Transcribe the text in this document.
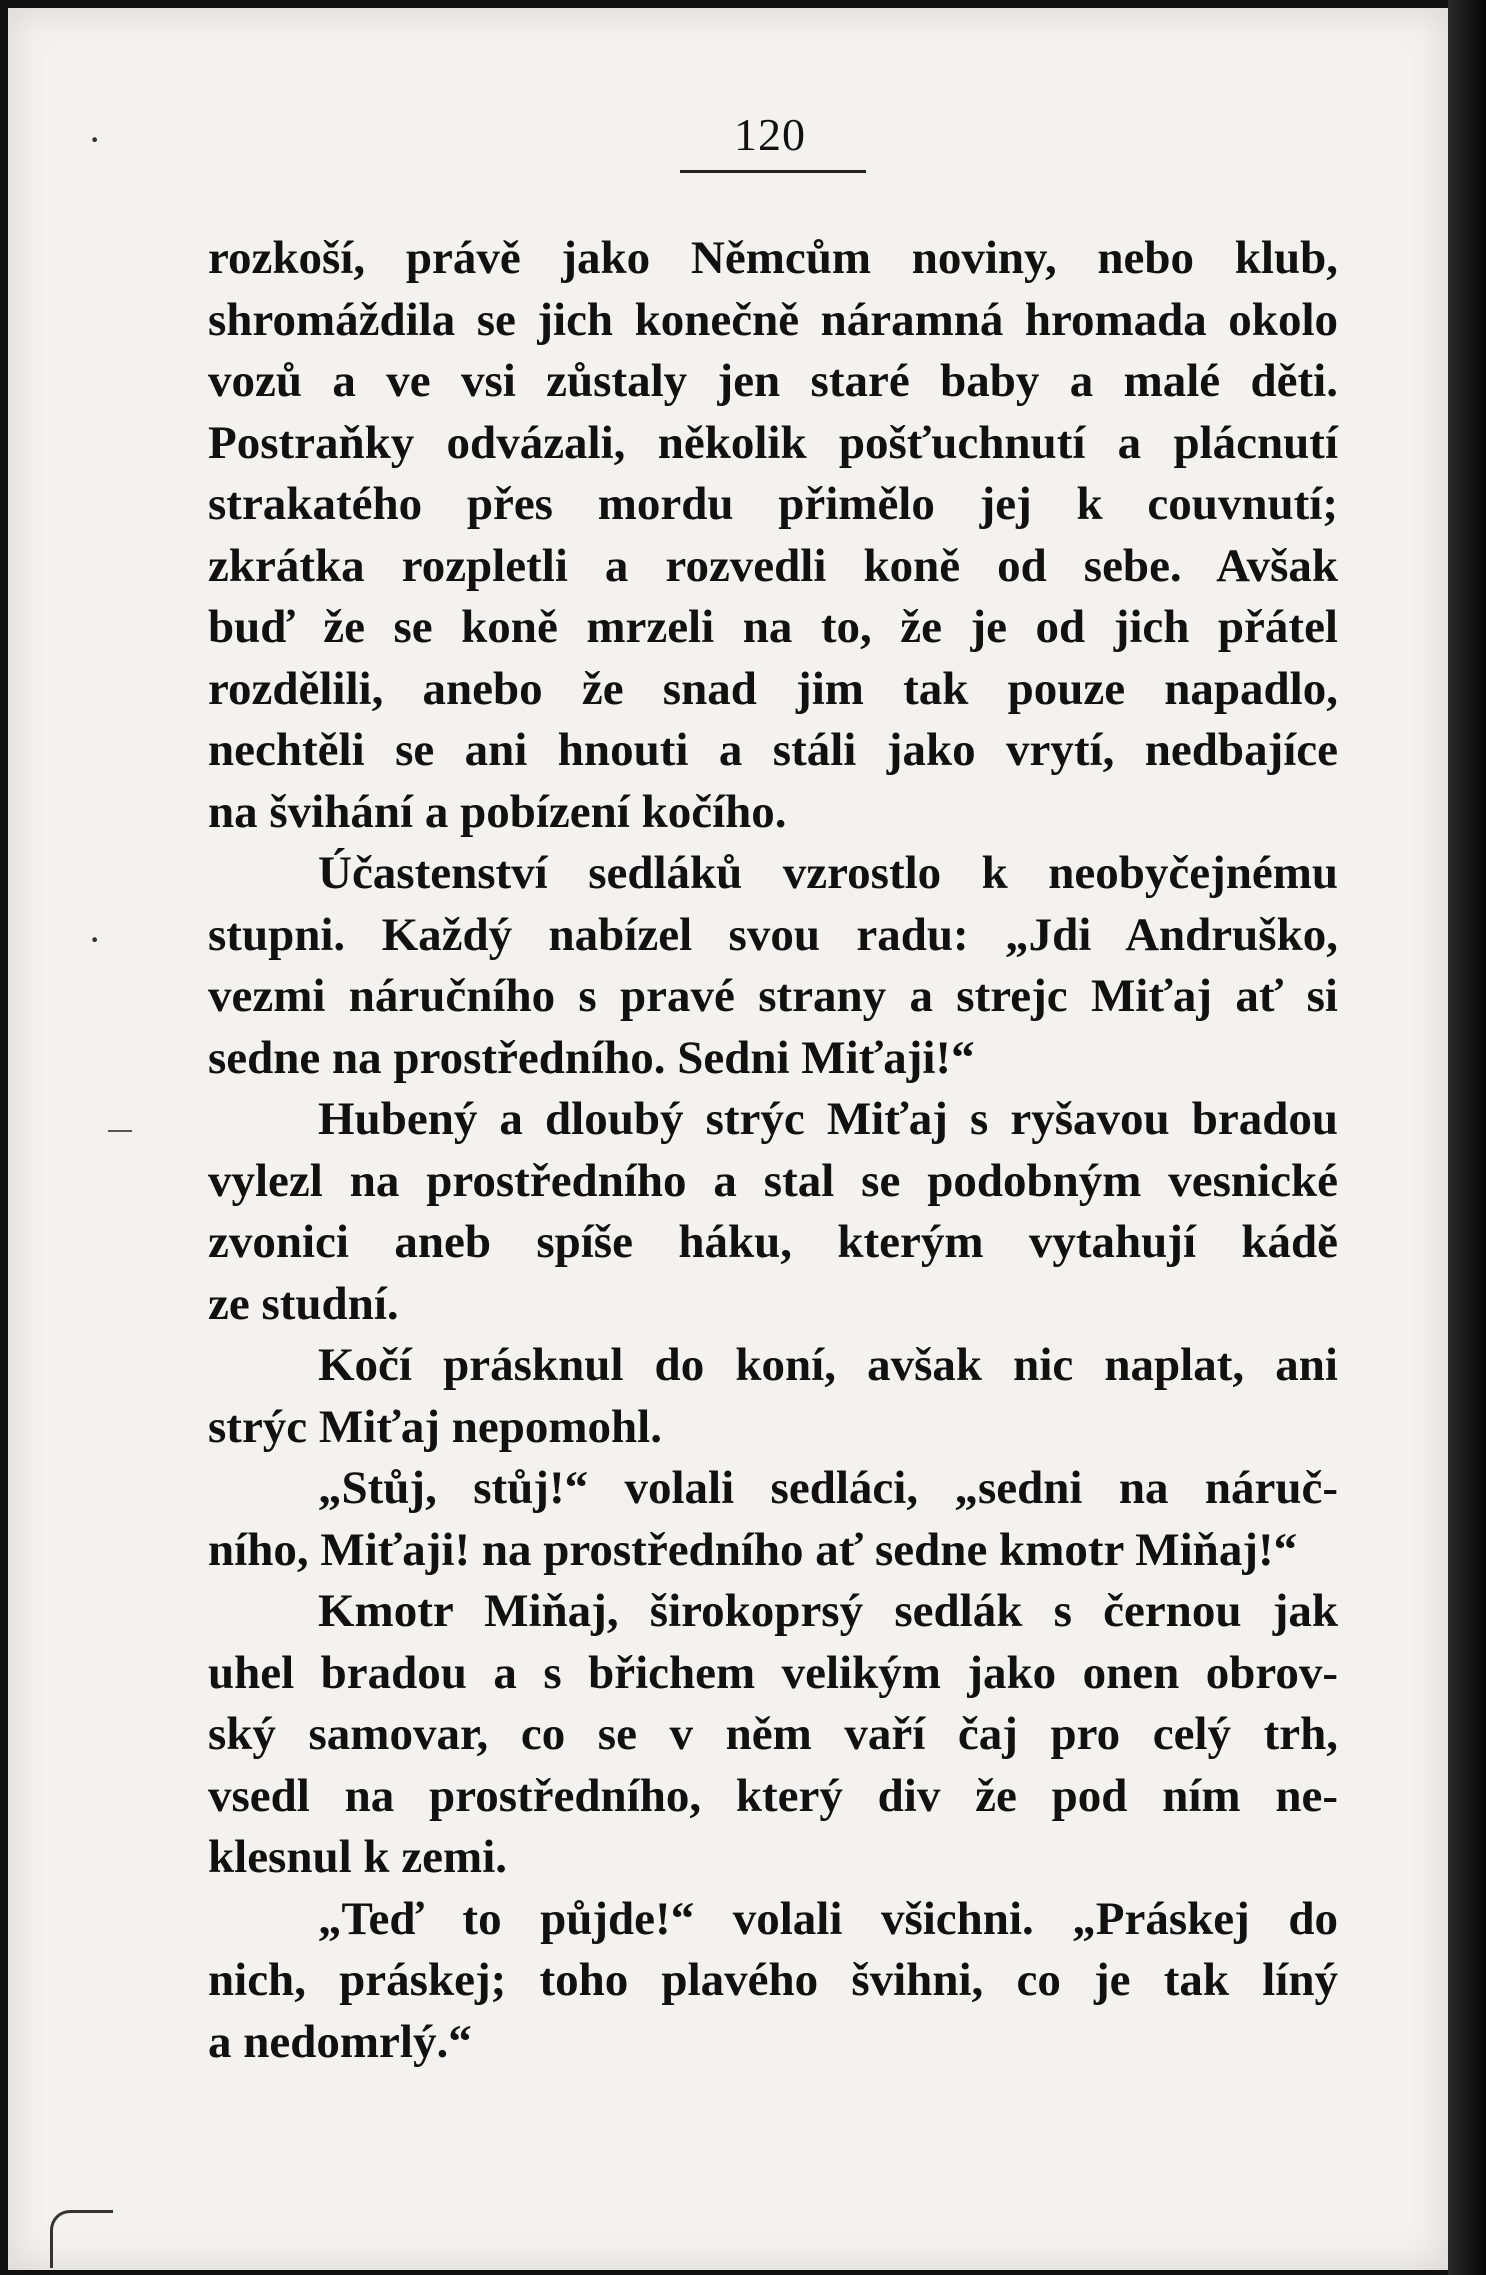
120
·
·
rozkoší, právě jako Němcům noviny, nebo klub,
shromáždila se jich konečně náramná hromada okolo
vozů a ve vsi zůstaly jen staré baby a malé děti.
Postraňky odvázali, několik pošťuchnutí a plácnutí
strakatého přes mordu přimělo jej k couvnutí;
zkrátka rozpletli a rozvedli koně od sebe. Avšak
buď že se koně mrzeli na to, že je od jich přátel
rozdělili, anebo že snad jim tak pouze napadlo,
nechtěli se ani hnouti a stáli jako vrytí, nedbajíce
na švihání a pobízení kočího.
Účastenství sedláků vzrostlo k neobyčejnému
stupni. Každý nabízel svou radu: „Jdi Andruško,
vezmi náručního s pravé strany a strejc Miťaj ať si
sedne na prostředního. Sedni Miťaji!“
Hubený a dloubý strýc Miťaj s ryšavou bradou
vylezl na prostředního a stal se podobným vesnické
zvonici aneb spíše háku, kterým vytahují kádě
ze studní.
Kočí prásknul do koní, avšak nic naplat, ani
strýc Miťaj nepomohl.
„Stůj, stůj!“ volali sedláci, „sedni na náruč-
ního, Miťaji! na prostředního ať sedne kmotr Miňaj!“
Kmotr Miňaj, širokoprsý sedlák s černou jak
uhel bradou a s břichem velikým jako onen obrov-
ský samovar, co se v něm vaří čaj pro celý trh,
vsedl na prostředního, který div že pod ním ne-
klesnul k zemi.
„Teď to půjde!“ volali všichni. „Práskej do
nich, práskej; toho plavého švihni, co je tak líný
a nedomrlý.“
